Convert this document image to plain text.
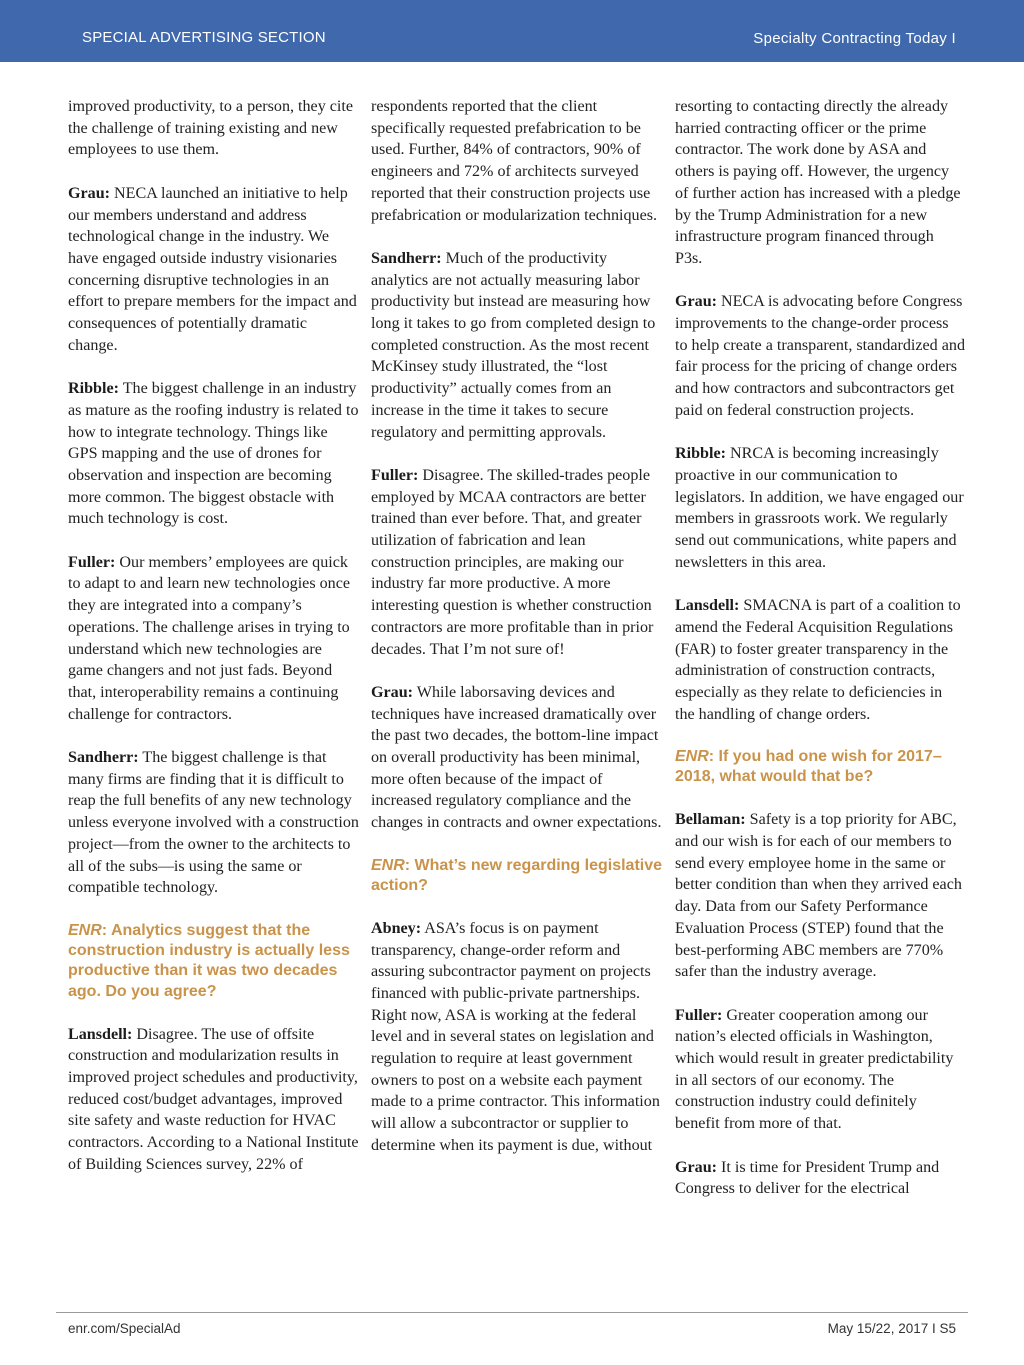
SPECIAL ADVERTISING SECTION	Specialty Contracting Today I

improved productivity, to a person, they cite the challenge of training existing and new employees to use them.

Grau: NECA launched an initiative to help our members understand and address technological change in the industry. We have engaged outside industry visionaries concerning disruptive technologies in an effort to prepare members for the impact and consequences of potentially dramatic change.

Ribble: The biggest challenge in an industry as mature as the roofing industry is related to how to integrate technology. Things like GPS mapping and the use of drones for observation and inspection are becoming more common. The biggest obstacle with much technology is cost.

Fuller: Our members’ employees are quick to adapt to and learn new technologies once they are integrated into a company’s operations. The challenge arises in trying to understand which new technologies are game changers and not just fads. Beyond that, interoperability remains a continuing challenge for contractors.

Sandherr: The biggest challenge is that many firms are finding that it is difficult to reap the full benefits of any new technology unless everyone involved with a construction project—from the owner to the architects to all of the subs—is using the same or compatible technology.

ENR: Analytics suggest that the construction industry is actually less productive than it was two decades ago. Do you agree?

Lansdell: Disagree. The use of offsite construction and modularization results in improved project schedules and productivity, reduced cost/budget advantages, improved site safety and waste reduction for HVAC contractors. According to a National Institute of Building Sciences survey, 22% of

respondents reported that the client specifically requested prefabrication to be used. Further, 84% of contractors, 90% of engineers and 72% of architects surveyed reported that their construction projects use prefabrication or modularization techniques.

Sandherr: Much of the productivity analytics are not actually measuring labor productivity but instead are measuring how long it takes to go from completed design to completed construction. As the most recent McKinsey study illustrated, the “lost productivity” actually comes from an increase in the time it takes to secure regulatory and permitting approvals.

Fuller: Disagree. The skilled-trades people employed by MCAA contractors are better trained than ever before. That, and greater utilization of fabrication and lean construction principles, are making our industry far more productive. A more interesting question is whether construction contractors are more profitable than in prior decades. That I’m not sure of!

Grau: While laborsaving devices and techniques have increased dramatically over the past two decades, the bottom-line impact on overall productivity has been minimal, more often because of the impact of increased regulatory compliance and the changes in contracts and owner expectations.

ENR: What’s new regarding legislative action?

Abney: ASA’s focus is on payment transparency, change-order reform and assuring subcontractor payment on projects financed with public-private partnerships. Right now, ASA is working at the federal level and in several states on legislation and regulation to require at least government owners to post on a website each payment made to a prime contractor. This information will allow a subcontractor or supplier to determine when its payment is due, without

resorting to contacting directly the already harried contracting officer or the prime contractor. The work done by ASA and others is paying off. However, the urgency of further action has increased with a pledge by the Trump Administration for a new infrastructure program financed through P3s.

Grau: NECA is advocating before Congress improvements to the change-order process to help create a transparent, standardized and fair process for the pricing of change orders and how contractors and subcontractors get paid on federal construction projects.

Ribble: NRCA is becoming increasingly proactive in our communication to legislators. In addition, we have engaged our members in grassroots work. We regularly send out communications, white papers and newsletters in this area.

Lansdell: SMACNA is part of a coalition to amend the Federal Acquisition Regulations (FAR) to foster greater transparency in the administration of construction contracts, especially as they relate to deficiencies in the handling of change orders.

ENR: If you had one wish for 2017–2018, what would that be?

Bellaman: Safety is a top priority for ABC, and our wish is for each of our members to send every employee home in the same or better condition than when they arrived each day. Data from our Safety Performance Evaluation Process (STEP) found that the best-performing ABC members are 770% safer than the industry average.

Fuller: Greater cooperation among our nation’s elected officials in Washington, which would result in greater predictability in all sectors of our economy. The construction industry could definitely benefit from more of that.

Grau: It is time for President Trump and Congress to deliver for the electrical

enr.com/SpecialAd	May 15/22, 2017 I S5
